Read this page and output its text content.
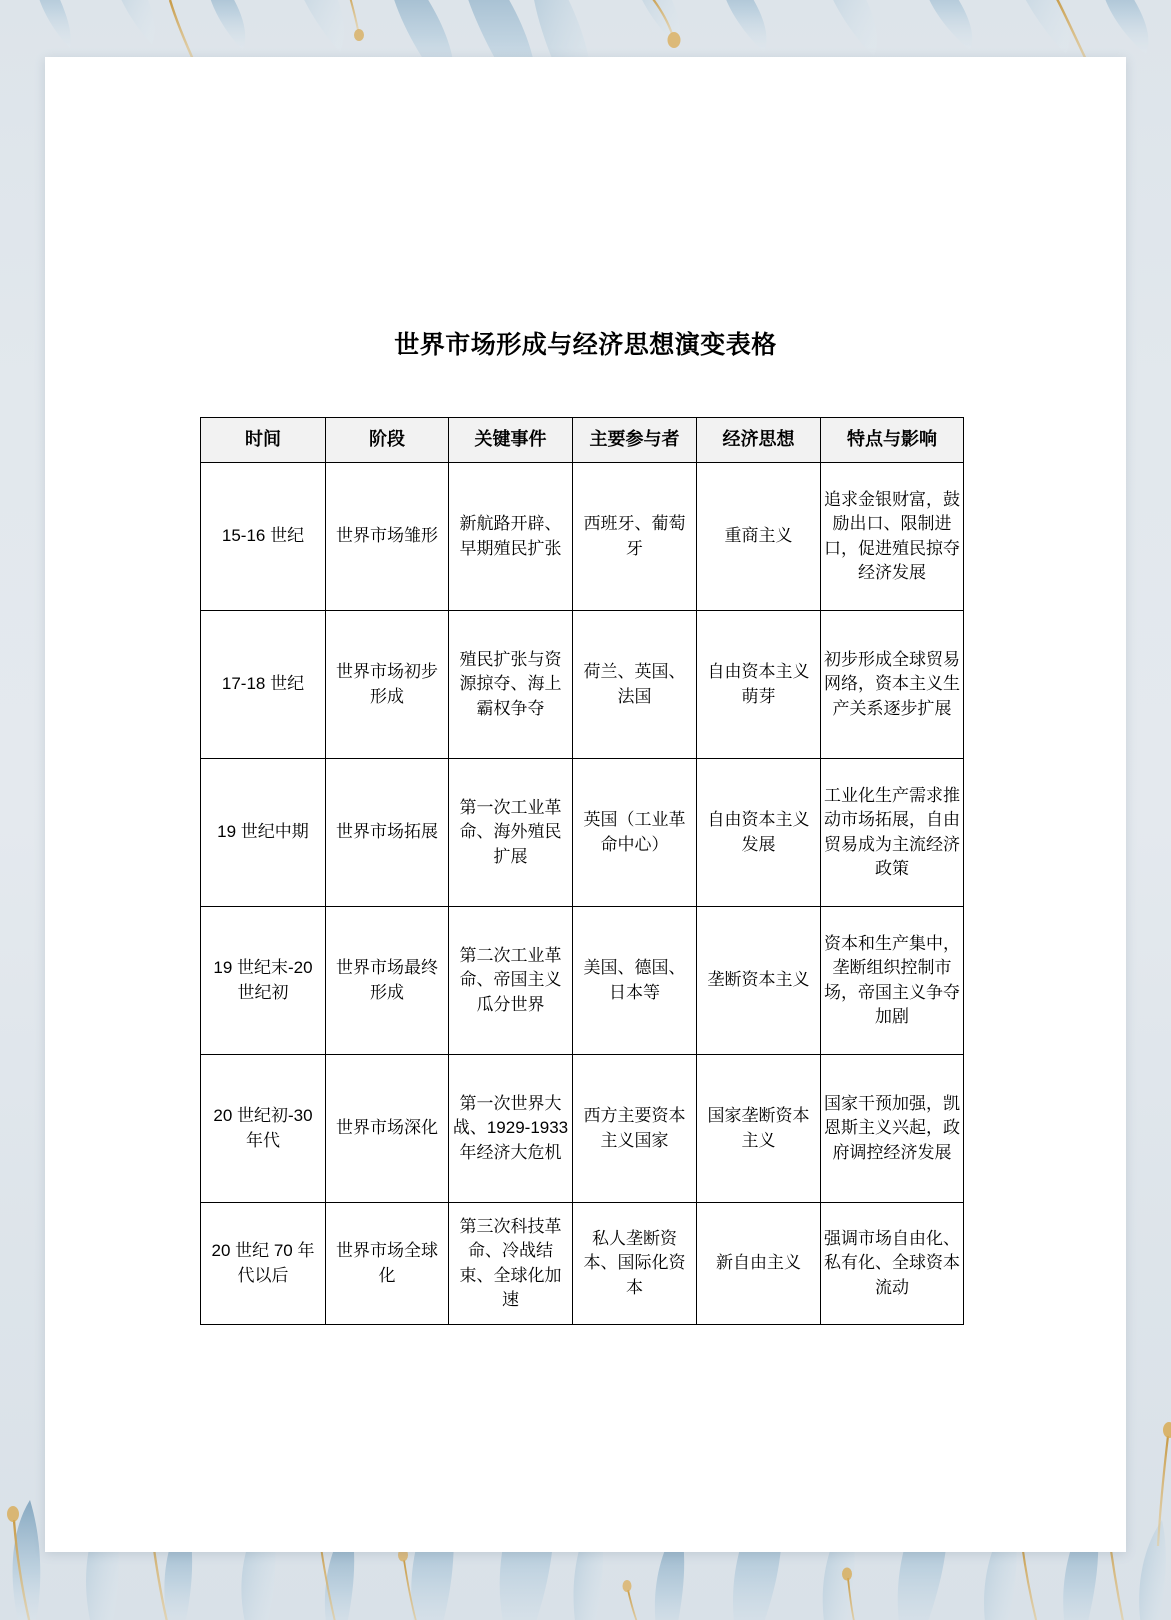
世界市场形成与经济思想演变表格
时间	阶段	关键事件	主要参与者	经济思想	特点与影响
15-16 世纪	世界市场雏形	新航路开辟、早期殖民扩张	西班牙、葡萄牙	重商主义	追求金银财富，鼓励出口、限制进口，促进殖民掠夺经济发展
17-18 世纪	世界市场初步形成	殖民扩张与资源掠夺、海上霸权争夺	荷兰、英国、法国	自由资本主义萌芽	初步形成全球贸易网络，资本主义生产关系逐步扩展
19 世纪中期	世界市场拓展	第一次工业革命、海外殖民扩展	英国（工业革命中心）	自由资本主义发展	工业化生产需求推动市场拓展，自由贸易成为主流经济政策
19 世纪末-20 世纪初	世界市场最终形成	第二次工业革命、帝国主义瓜分世界	美国、德国、日本等	垄断资本主义	资本和生产集中，垄断组织控制市场，帝国主义争夺加剧
20 世纪初-30 年代	世界市场深化	第一次世界大战、1929-1933 年经济大危机	西方主要资本主义国家	国家垄断资本主义	国家干预加强，凯恩斯主义兴起，政府调控经济发展
20 世纪 70 年代以后	世界市场全球化	第三次科技革命、冷战结束、全球化加速	私人垄断资本、国际化资本	新自由主义	强调市场自由化、私有化、全球资本流动
